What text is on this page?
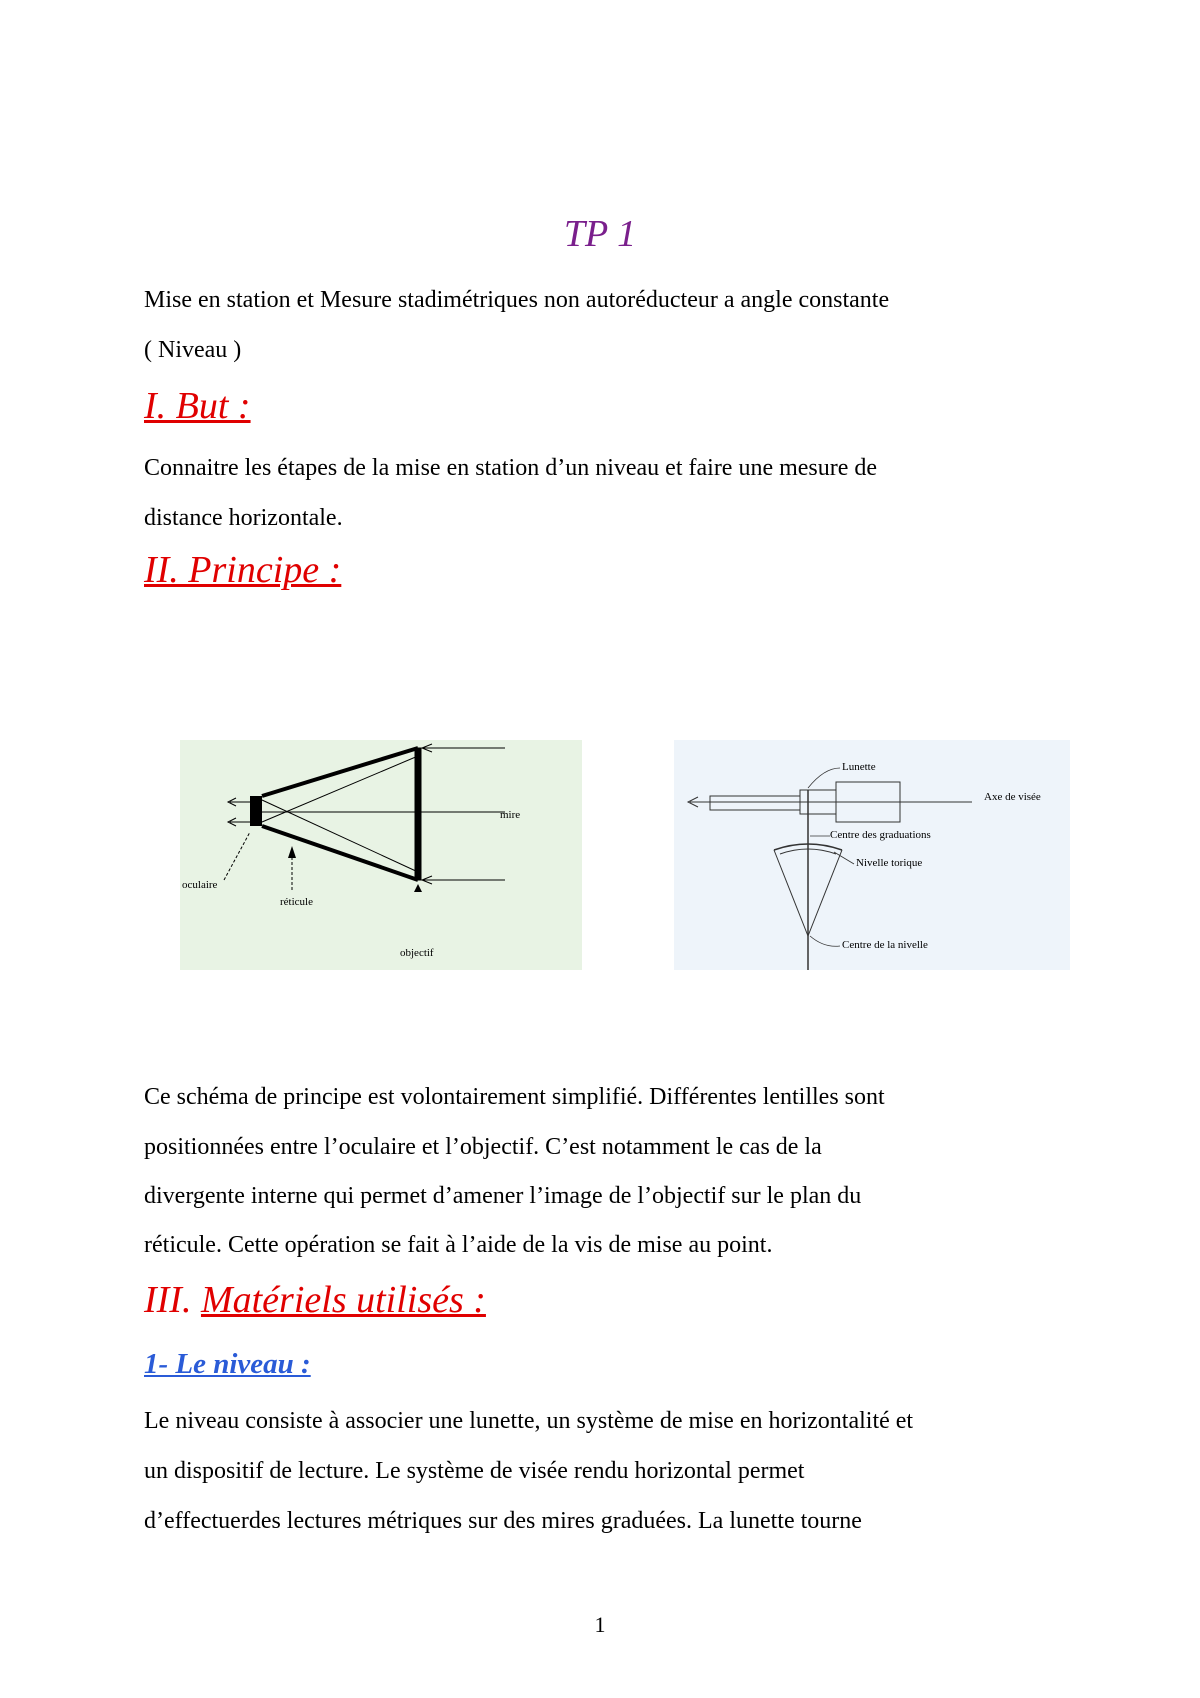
TP 1
Mise en station et Mesure stadimétriques non autoréducteur a angle constante
( Niveau )
I. But :
Connaitre les étapes de la mise en station d’un niveau et faire une mesure de
distance horizontale.
II. Principe :
mire
oculaire
réticule
objectif
Lunette
Axe de visée
Centre des graduations
Nivelle torique
Centre de la nivelle
Ce schéma de principe est volontairement simplifié. Différentes lentilles sont
positionnées entre l’oculaire et l’objectif. C’est notamment le cas de la
divergente interne qui permet d’amener l’image de l’objectif sur le plan du
réticule. Cette opération se fait à l’aide de la vis de mise au point.
III. Matériels utilisés :
1- Le niveau :
Le niveau consiste à associer une lunette, un système de mise en horizontalité et
un dispositif de lecture. Le système de visée rendu horizontal permet
d’effectuerdes lectures métriques sur des mires graduées. La lunette tourne
1
